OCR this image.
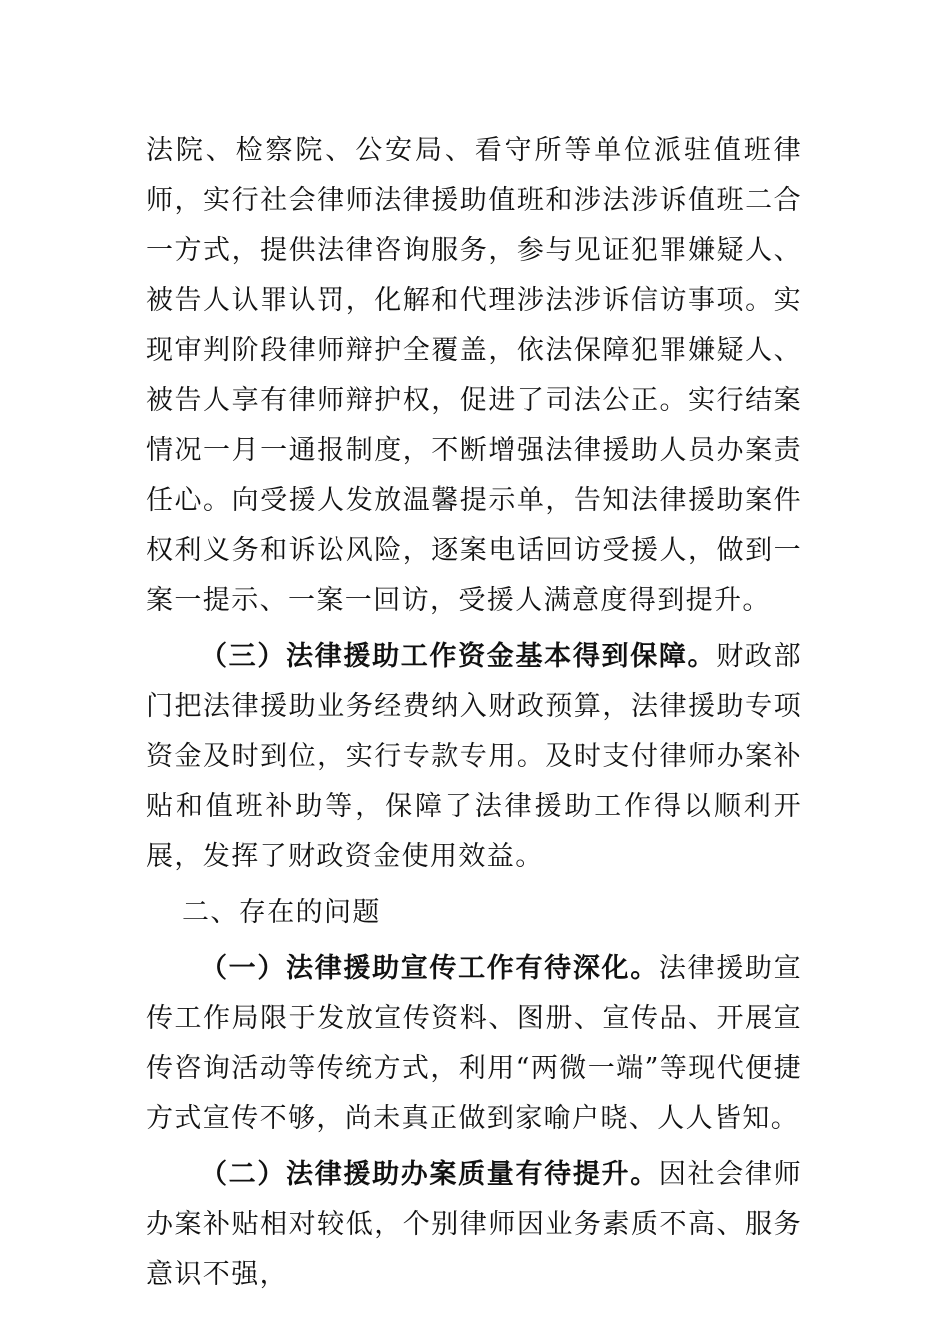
法院、检察院、公安局、看守所等单位派驻值班律师，实行社会律师法律援助值班和涉法涉诉值班二合一方式，提供法律咨询服务，参与见证犯罪嫌疑人、被告人认罪认罚，化解和代理涉法涉诉信访事项。实现审判阶段律师辩护全覆盖，依法保障犯罪嫌疑人、被告人享有律师辩护权，促进了司法公正。实行结案情况一月一通报制度，不断增强法律援助人员办案责任心。向受援人发放温馨提示单，告知法律援助案件权利义务和诉讼风险，逐案电话回访受援人，做到一案一提示、一案一回访，受援人满意度得到提升。

（三）法律援助工作资金基本得到保障。财政部门把法律援助业务经费纳入财政预算，法律援助专项资金及时到位，实行专款专用。及时支付律师办案补贴和值班补助等，保障了法律援助工作得以顺利开展，发挥了财政资金使用效益。

二、存在的问题

（一）法律援助宣传工作有待深化。法律援助宣传工作局限于发放宣传资料、图册、宣传品、开展宣传咨询活动等传统方式，利用“两微一端”等现代便捷方式宣传不够，尚未真正做到家喻户晓、人人皆知。

（二）法律援助办案质量有待提升。因社会律师办案补贴相对较低，个别律师因业务素质不高、服务意识不强，
